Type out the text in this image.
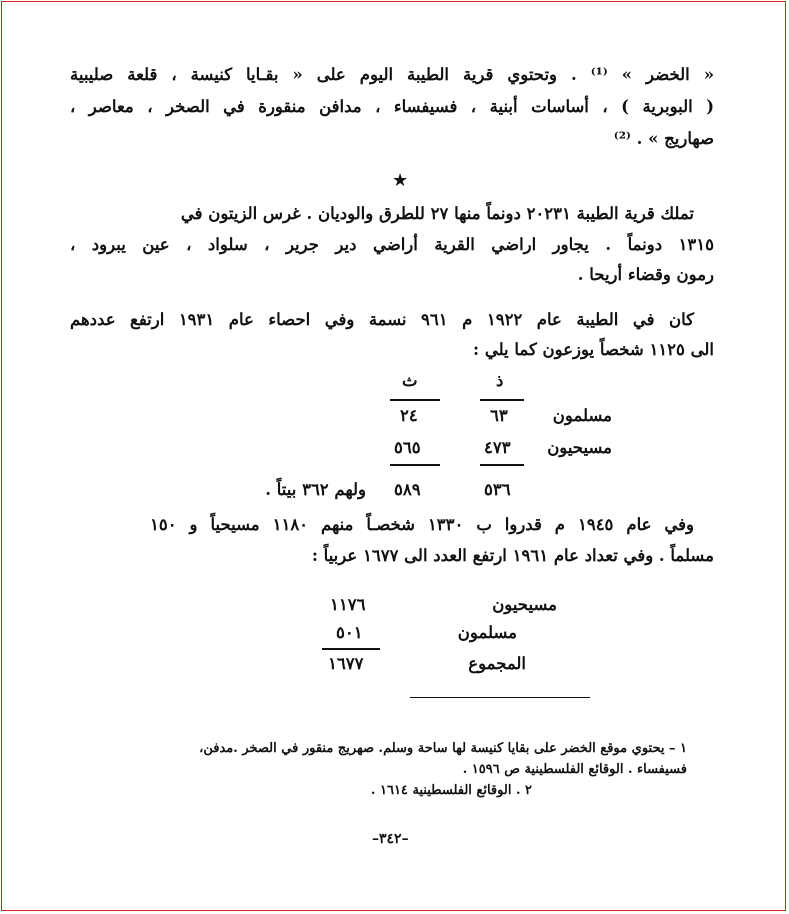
« الخضر » ⁽¹⁾ . وتحتوي قرية الطيبة اليوم على « بقـايا كنيسة ، قلعة صليبية
( البوبرية ) ، أساسات أبنية ، فسيفساء ، مدافن منقورة في الصخر ، معاصر ،
صهاريج » . ⁽²⁾
★
تملك قرية الطيبة ٢٠٢٣١ دونماً منها ٢٧ للطرق والوديان . غرس الزيتون في
١٣١٥ دونماً . يجاور اراضي القرية أراضي دير جرير ، سلواد ، عين يبرود ،
رمون وقضاء أريحا .
كان في الطيبة عام ١٩٢٢ م ٩٦١ نسمة وفي احصاء عام ١٩٣١ ارتفع عددهم
الى ١١٢٥ شخصاً يوزعون كما يلي :
ث	ذ
مسلمون
٦٣
٢٤
مسيحيون
٤٧٣
٥٦٥
٥٣٦
٥٨٩
ولهم ٣٦٢ بيتاً .
وفي عام ١٩٤٥ م قدروا ب ١٣٣٠ شخصـاً منهم ١١٨٠ مسيحياً و ١٥٠
مسلماً . وفي تعداد عام ١٩٦١ ارتفع العدد الى ١٦٧٧ عربياً :
مسيحيون
١١٧٦
مسلمون
٥٠١
المجموع
١٦٧٧
١ – يحتوي موقع الخضر على بقايا كنيسة لها ساحة وسلم. صهريج منقور في الصخر .مدفن،
فسيفساء . الوقائع الفلسطينية ص ١٥٩٦ .
٢ . الوقائع الفلسطينية ١٦١٤ .
–٣٤٢–
